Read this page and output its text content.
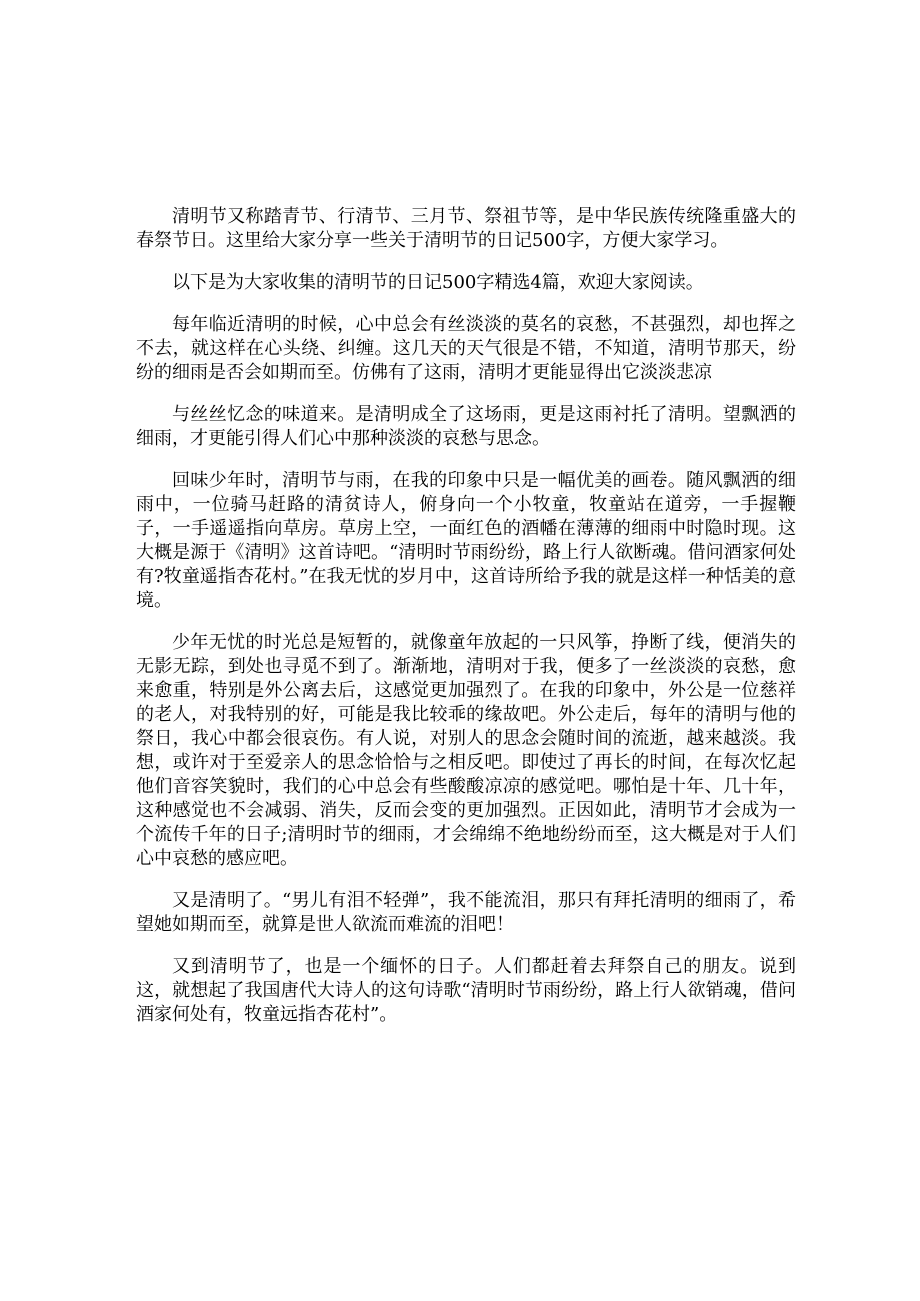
清明节又称踏青节、行清节、三月节、祭祖节等，是中华民族传统隆重盛大的春祭节日。这里给大家分享一些关于清明节的日记500字，方便大家学习。

以下是为大家收集的清明节的日记500字精选4篇，欢迎大家阅读。

每年临近清明的时候，心中总会有丝淡淡的莫名的哀愁，不甚强烈，却也挥之不去，就这样在心头绕、纠缠。这几天的天气很是不错，不知道，清明节那天，纷纷的细雨是否会如期而至。仿佛有了这雨，清明才更能显得出它淡淡悲凉

与丝丝忆念的味道来。是清明成全了这场雨，更是这雨衬托了清明。望飘洒的细雨，才更能引得人们心中那种淡淡的哀愁与思念。

回味少年时，清明节与雨，在我的印象中只是一幅优美的画卷。随风飘洒的细雨中，一位骑马赶路的清贫诗人，俯身向一个小牧童，牧童站在道旁，一手握鞭子，一手遥遥指向草房。草房上空，一面红色的酒幡在薄薄的细雨中时隐时现。这大概是源于《清明》这首诗吧。“清明时节雨纷纷，路上行人欲断魂。借问酒家何处有?牧童遥指杏花村。”在我无忧的岁月中，这首诗所给予我的就是这样一种恬美的意境。

少年无忧的时光总是短暂的，就像童年放起的一只风筝，挣断了线，便消失的无影无踪，到处也寻觅不到了。渐渐地，清明对于我，便多了一丝淡淡的哀愁，愈来愈重，特别是外公离去后，这感觉更加强烈了。在我的印象中，外公是一位慈祥的老人，对我特别的好，可能是我比较乖的缘故吧。外公走后，每年的清明与他的祭日，我心中都会很哀伤。有人说，对别人的思念会随时间的流逝，越来越淡。我想，或许对于至爱亲人的思念恰恰与之相反吧。即使过了再长的时间，在每次忆起他们音容笑貌时，我们的心中总会有些酸酸凉凉的感觉吧。哪怕是十年、几十年，这种感觉也不会减弱、消失，反而会变的更加强烈。正因如此，清明节才会成为一个流传千年的日子;清明时节的细雨，才会绵绵不绝地纷纷而至，这大概是对于人们心中哀愁的感应吧。

又是清明了。“男儿有泪不轻弹”，我不能流泪，那只有拜托清明的细雨了，希望她如期而至，就算是世人欲流而难流的泪吧！

又到清明节了，也是一个缅怀的日子。人们都赶着去拜祭自己的朋友。说到这，就想起了我国唐代大诗人的这句诗歌“清明时节雨纷纷，路上行人欲销魂，借问酒家何处有，牧童远指杏花村”。
